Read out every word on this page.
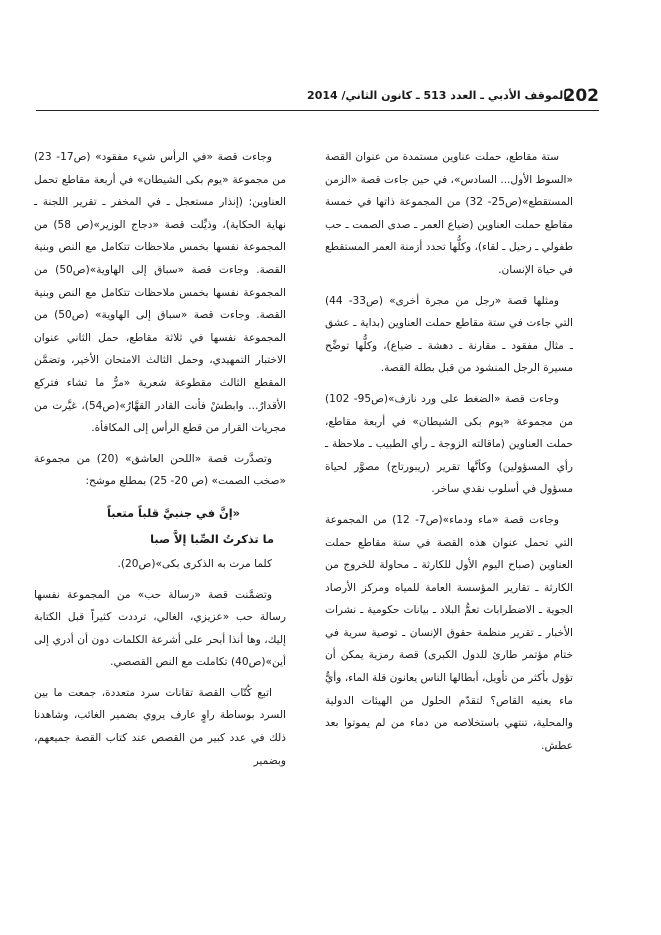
202
الموقف الأدبي ـ العدد 513 ـ كانون الثاني/ 2014

ستة مقاطع، حملت عناوين مستمدة من عنوان القصة «السوط الأول... السادس»، في حين جاءت قصة «الزمن المستقطع»(ص25- 32) من المجموعة ذاتها في خمسة مقاطع حملت العناوين (ضياع العمر ـ صدى الصمت ـ حب طفولي ـ رحيل ـ لقاء)، وكلُّها تحدد أزمنة العمر المستقطع في حياة الإنسان.

ومثلها قصة «رجل من مجرة أخرى» (ص33- 44) التي جاءت في ستة مقاطع حملت العناوين (بداية ـ عشق ـ مثال مفقود ـ مقارنة ـ دهشة ـ ضياع)، وكلُّها توضِّح مسيرة الرجل المنشود من قبل بطلة القصة.

وجاءت قصة «الضغط على ورد نازف»(ص95- 102) من مجموعة «يوم بكى الشيطان» في أربعة مقاطع، حملت العناوين (ماقالته الزوجة ـ رأي الطبيب ـ ملاحظة ـ رأي المسؤولين) وكأنَّها تقرير (ريبورتاج) مصوَّر لحياة مسؤول في أسلوب نقدي ساخر.

وجاءت قصة «ماء ودماء»(ص7- 12) من المجموعة التي تحمل عنوان هذه القصة في ستة مقاطع حملت العناوين (صباح اليوم الأول للكارثة ـ محاولة للخروج من الكارثة ـ تقارير المؤسسة العامة للمياه ومركز الأرصاد الجوية ـ الاضطرابات تعمُّ البلاد ـ بيانات حكومية ـ نشرات الأخبار ـ تقرير منظمة حقوق الإنسان ـ توصية سرية في ختام مؤتمر طارئ للدول الكبرى) قصة رمزية يمكن أن تؤول بأكثر من تأويل، أبطالها الناس يعانون قلة الماء، وأيُّ ماء يعنيه القاص؟ لتقدّم الحلول من الهيئات الدولية والمحلية، تنتهي باستخلاصه من دماء من لم يموتوا بعد عطش.

وجاءت قصة «في الرأس شيء مفقود» (ص17- 23) من مجموعة «يوم بكى الشيطان» في أربعة مقاطع تحمل العناوين: (إنذار مستعجل ـ في المخفر ـ تقرير اللجنة ـ نهاية الحكاية)، وذيِّلت قصة «دجاج الوزير»(ص 58) من المجموعة نفسها بخمس ملاحظات تتكامل مع النص وبنية القصة. وجاءت قصة «سباق إلى الهاوية»(ص50) من المجموعة نفسها بخمس ملاحظات تتكامل مع النص وبنية القصة. وجاءت قصة «سباق إلى الهاوية» (ص50) من المجموعة نفسها في ثلاثة مقاطع، حمل الثاني عنوان الاختبار التمهيدي، وحمل الثالث الامتحان الأخير، وتضمَّن المقطع الثالث مقطوعة شعرية «مرُّ ما تشاء فتركع الأقدارُ... وابطشْ فأنت القادر القهَّارُ»(ص54)، غيَّرت من مجريات القرار من قطع الرأس إلى المكافأة.

وتصدَّرت قصة «اللحن العاشق» (20) من مجموعة «صخب الصمت» (ص 20- 25) بمطلع موشح:

«إنَّ في جنبيَّ قلباً متعباً
ما تذكرتُ الصِّبا إلاَّ صبا

كلما مرت به الذكرى بكى»(ص20).

وتضمَّنت قصة «رسالة حب» من المجموعة نفسها رسالة حب «عزيزي، الغالي، ترددت كثيراً قبل الكتابة إليك، وها أنذا أبحر على أشرعة الكلمات دون أن أدري إلى أين»(ص40) تكاملت مع النص القصصي.

اتبع كُتّاب القصة تقانات سرد متعددة، جمعت ما بين السرد بوساطة راوٍ عارف يروي بضمير الغائب، وشاهدنا ذلك في عدد كبير من القصص عند كتاب القصة جميعهم، وبضمير
